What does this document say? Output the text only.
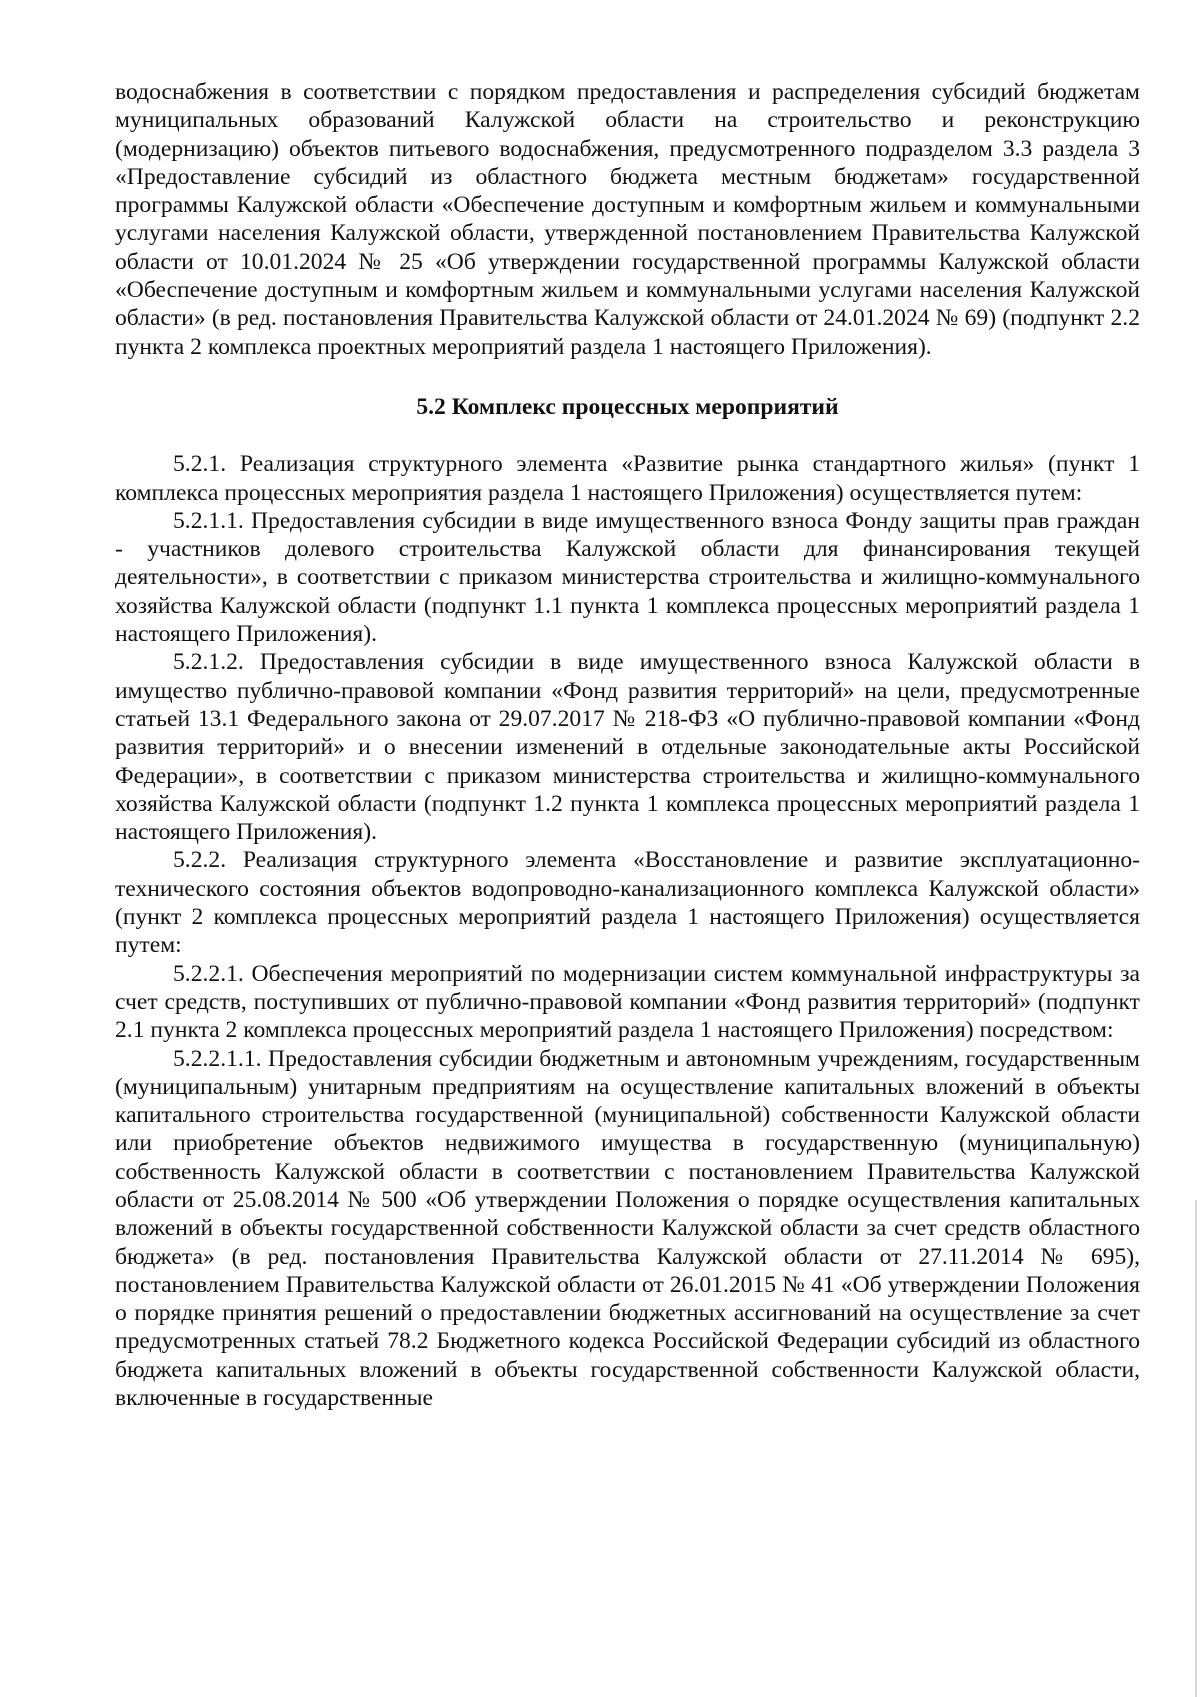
водоснабжения в соответствии с порядком предоставления и распределения субсидий бюджетам муниципальных образований Калужской области на строительство и реконструкцию (модернизацию) объектов питьевого водоснабжения, предусмотренного подразделом 3.3 раздела 3 «Предоставление субсидий из областного бюджета местным бюджетам» государственной программы Калужской области «Обеспечение доступным и комфортным жильем и коммунальными услугами населения Калужской области, утвержденной постановлением Правительства Калужской области от 10.01.2024 № 25 «Об утверждении государственной программы Калужской области «Обеспечение доступным и комфортным жильем и коммунальными услугами населения Калужской области» (в ред. постановления Правительства Калужской области от 24.01.2024 № 69) (подпункт 2.2 пункта 2 комплекса проектных мероприятий раздела 1 настоящего Приложения).

5.2 Комплекс процессных мероприятий

5.2.1. Реализация структурного элемента «Развитие рынка стандартного жилья» (пункт 1 комплекса процессных мероприятия раздела 1 настоящего Приложения) осуществляется путем:

5.2.1.1. Предоставления субсидии в виде имущественного взноса Фонду защиты прав граждан - участников долевого строительства Калужской области для финансирования текущей деятельности», в соответствии с приказом министерства строительства и жилищно-коммунального хозяйства Калужской области (подпункт 1.1 пункта 1 комплекса процессных мероприятий раздела 1 настоящего Приложения).

5.2.1.2. Предоставления субсидии в виде имущественного взноса Калужской области в имущество публично-правовой компании «Фонд развития территорий» на цели, предусмотренные статьей 13.1 Федерального закона от 29.07.2017 № 218-ФЗ «О публично-правовой компании «Фонд развития территорий» и о внесении изменений в отдельные законодательные акты Российской Федерации», в соответствии с приказом министерства строительства и жилищно-коммунального хозяйства Калужской области (подпункт 1.2 пункта 1 комплекса процессных мероприятий раздела 1 настоящего Приложения).

5.2.2. Реализация структурного элемента «Восстановление и развитие эксплуатационно-технического состояния объектов водопроводно-канализационного комплекса Калужской области» (пункт 2 комплекса процессных мероприятий раздела 1 настоящего Приложения) осуществляется путем:

5.2.2.1. Обеспечения мероприятий по модернизации систем коммунальной инфраструктуры за счет средств, поступивших от публично-правовой компании «Фонд развития территорий» (подпункт 2.1 пункта 2 комплекса процессных мероприятий раздела 1 настоящего Приложения) посредством:

5.2.2.1.1. Предоставления субсидии бюджетным и автономным учреждениям, государственным (муниципальным) унитарным предприятиям на осуществление капитальных вложений в объекты капитального строительства государственной (муниципальной) собственности Калужской области или приобретение объектов недвижимого имущества в государственную (муниципальную) собственность Калужской области в соответствии с постановлением Правительства Калужской области от 25.08.2014 № 500 «Об утверждении Положения о порядке осуществления капитальных вложений в объекты государственной собственности Калужской области за счет средств областного бюджета» (в ред. постановления Правительства Калужской области от 27.11.2014 № 695), постановлением Правительства Калужской области от 26.01.2015 № 41 «Об утверждении Положения о порядке принятия решений о предоставлении бюджетных ассигнований на осуществление за счет предусмотренных статьей 78.2 Бюджетного кодекса Российской Федерации субсидий из областного бюджета капитальных вложений в объекты государственной собственности Калужской области, включенные в государственные
